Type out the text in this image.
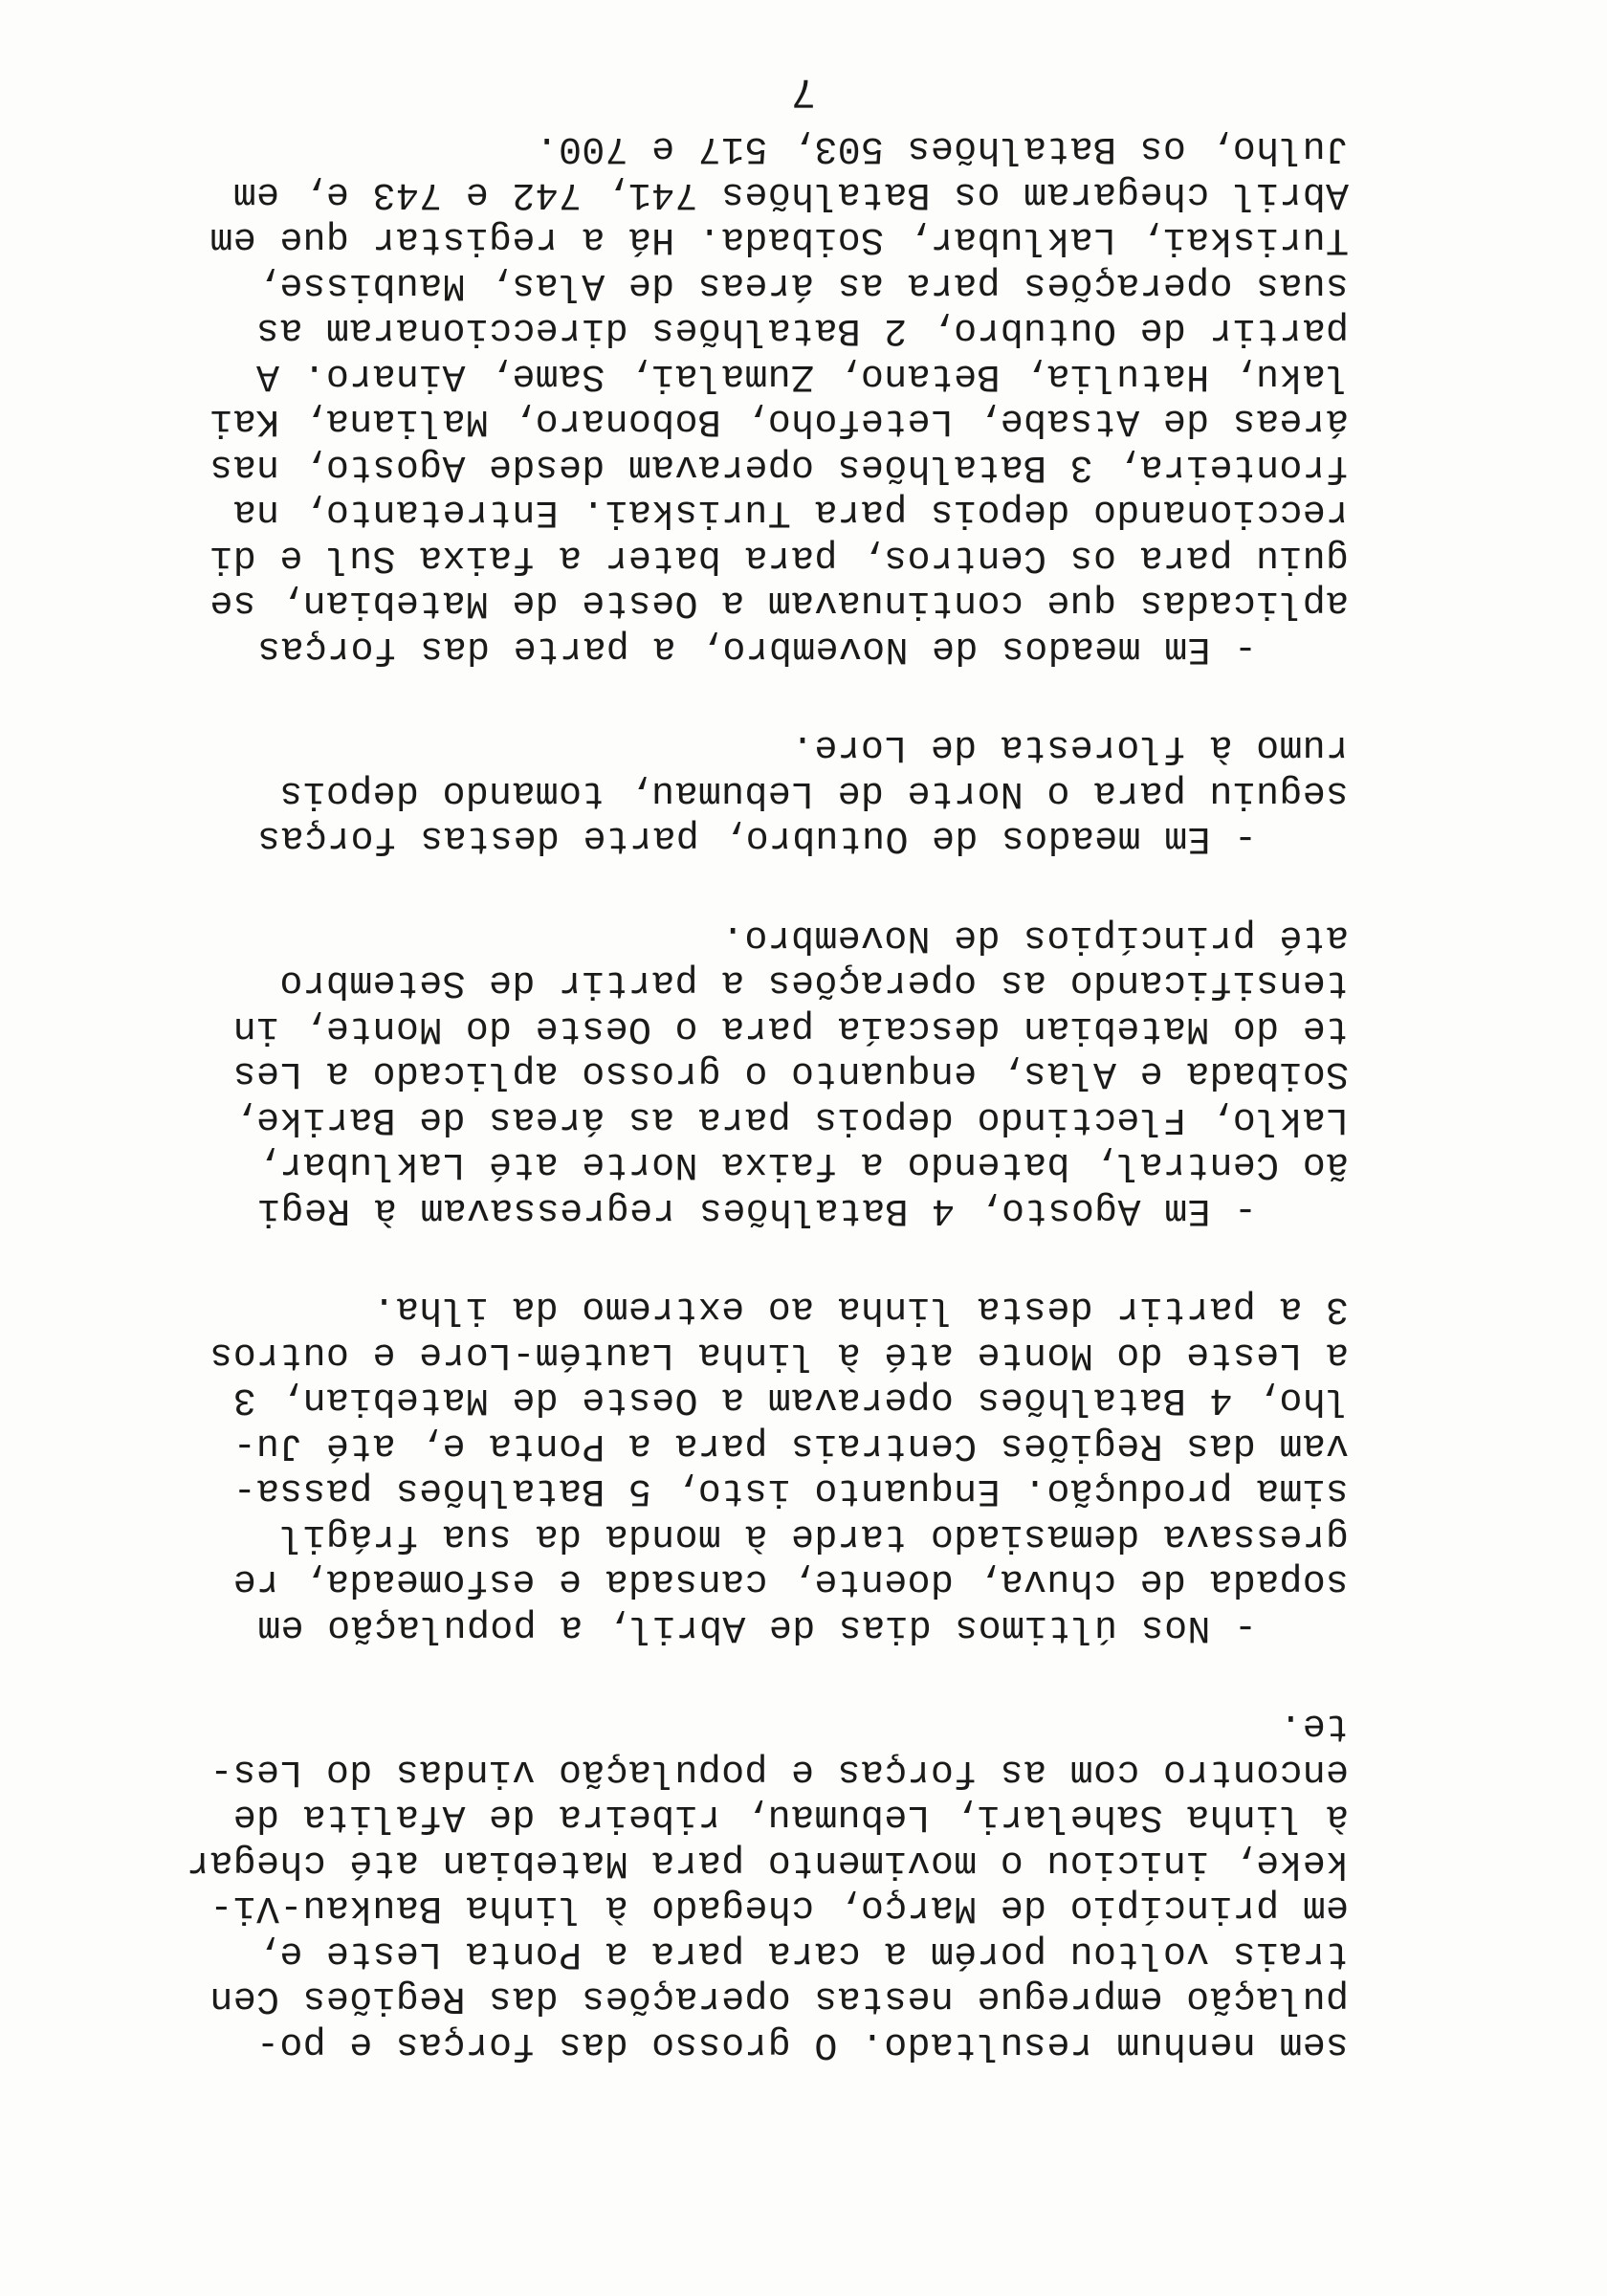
sem nenhum resultado. O grosso das forças e po-
pulação empregue nestas operações das Regiões Cen
trais voltou porém a cara para a Ponta Leste e,
em princípio de Março, chegado à linha Baukau-Vi-
keke, iniciou o movimento para Matebian até chegar
à linha Sahelari, Lebumau, ribeira de Afalita de
encontro com as forças e população vindas do Les-
te.
- Nos últimos dias de Abril, a população em
sopada de chuva, doente, cansada e esfomeada, re
gressava demasiado tarde à monda da sua frágil
sima produção. Enquanto isto, 5 Batalhões passa-
vam das Regiões Centrais para a Ponta e, até Ju-
lho, 4 Batalhões operavam a Oeste de Matebian, 3
a Leste do Monte até à linha Lautém-Lore e outros
3 a partir desta linha ao extremo da ilha.
- Em Agosto, 4 Batalhões regressavam à Regi
ão Central, batendo a faixa Norte até Laklubar,
Laklo, Flectindo depois para as áreas de Barike,
Soibada e Alas, enquanto o grosso aplicado a Les
te do Matebian descaía para o Oeste do Monte, in
tensificando as operações a partir de Setembro
até princípios de Novembro.
- Em meados de Outubro, parte destas forças
seguiu para o Norte de Lebumau, tomando depois
rumo à floresta de Lore.
- Em meados de Novembro, a parte das forças
aplicadas que continuavam a Oeste de Matebian, se
guiu para os Centros, para bater a faixa Sul e di
reccionando depois para Turiskai. Entretanto, na
fronteira, 3 Batalhões operavam desde Agosto, nas
áreas de Atsabe, Letefoho, Bobonaro, Maliana, Kai
laku, Hatulia, Betano, Zumalai, Same, Ainaro. A
partir de Outubro, 2 Batalhões direccionaram as
suas operações para as áreas de Alas, Maubisse,
Turiskai, Laklubar, Soibada. Há a registar que em
Abril chegaram os Batalhões 741, 742 e 743 e, em
Julho, os Batalhões 503, 517 e 700.
7
